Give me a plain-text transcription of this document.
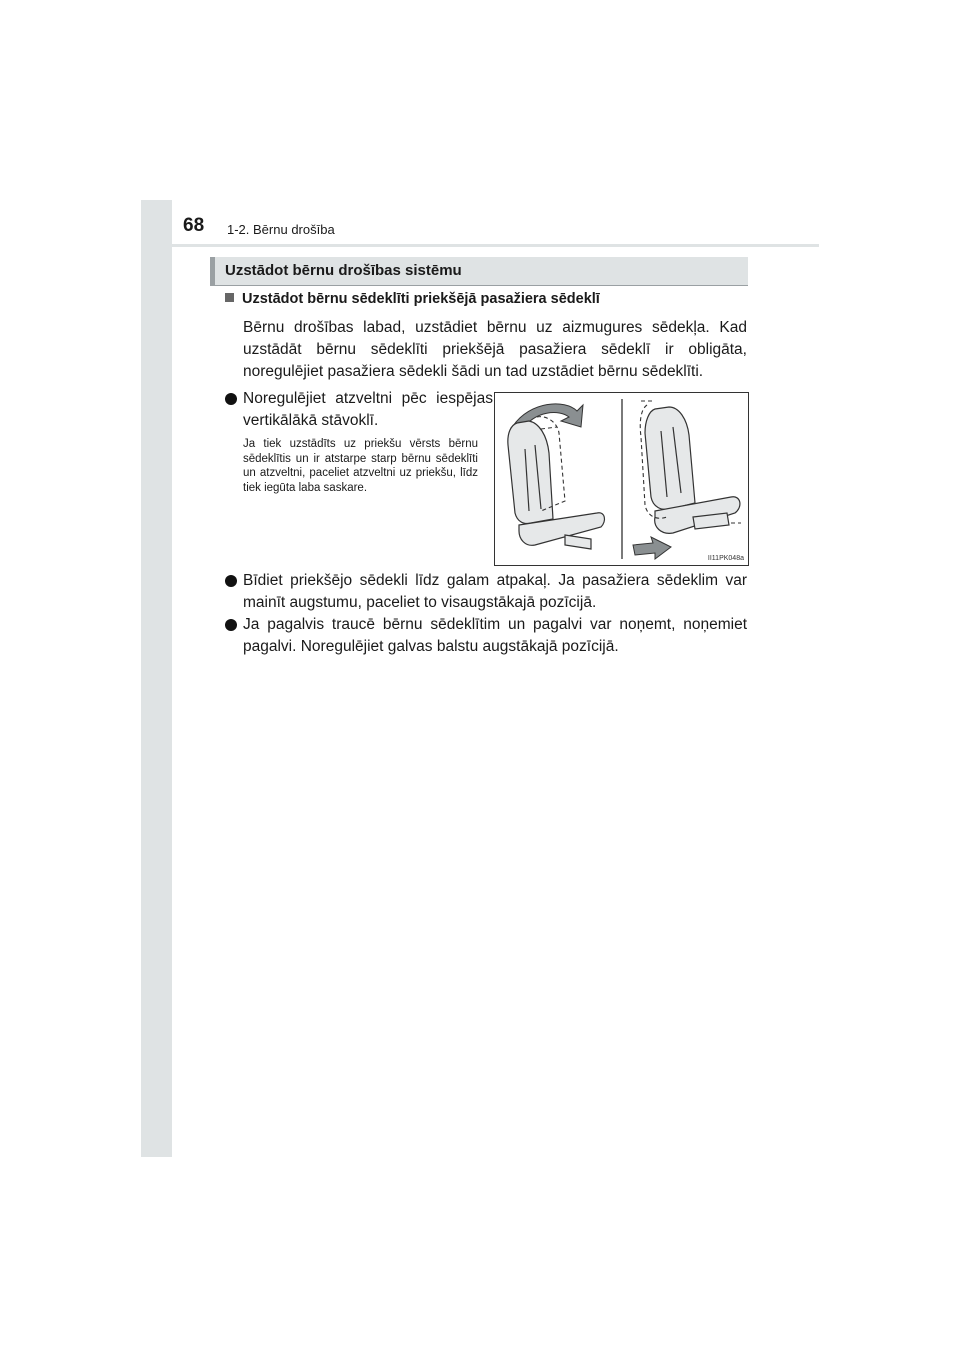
68 1-2. Bērnu drošība
Uzstādot bērnu drošības sistēmu
Uzstādot bērnu sēdeklīti priekšējā pasažiera sēdeklī
Bērnu drošības labad, uzstādiet bērnu uz aizmugures sēdekļa. Kad uzstādāt bērnu sēdeklīti priekšējā pasažiera sēdeklī ir obligāta, noregulējiet pasažiera sēdekli šādi un tad uzstādiet bērnu sēdeklīti.
Noregulējiet atzveltni pēc iespējas vertikālākā stāvoklī.
Ja tiek uzstādīts uz priekšu vērsts bērnu sēdeklītis un ir atstarpe starp bērnu sēdeklīti un atzveltni, paceliet atzveltni uz priekšu, līdz tiek iegūta laba saskare.
II11PK048a
Bīdiet priekšējo sēdekli līdz galam atpakaļ. Ja pasažiera sēdeklim var mainīt augstumu, paceliet to visaugstākajā pozīcijā.
Ja pagalvis traucē bērnu sēdeklītim un pagalvi var noņemt, noņemiet pagalvi. Noregulējiet galvas balstu augstākajā pozīcijā.
